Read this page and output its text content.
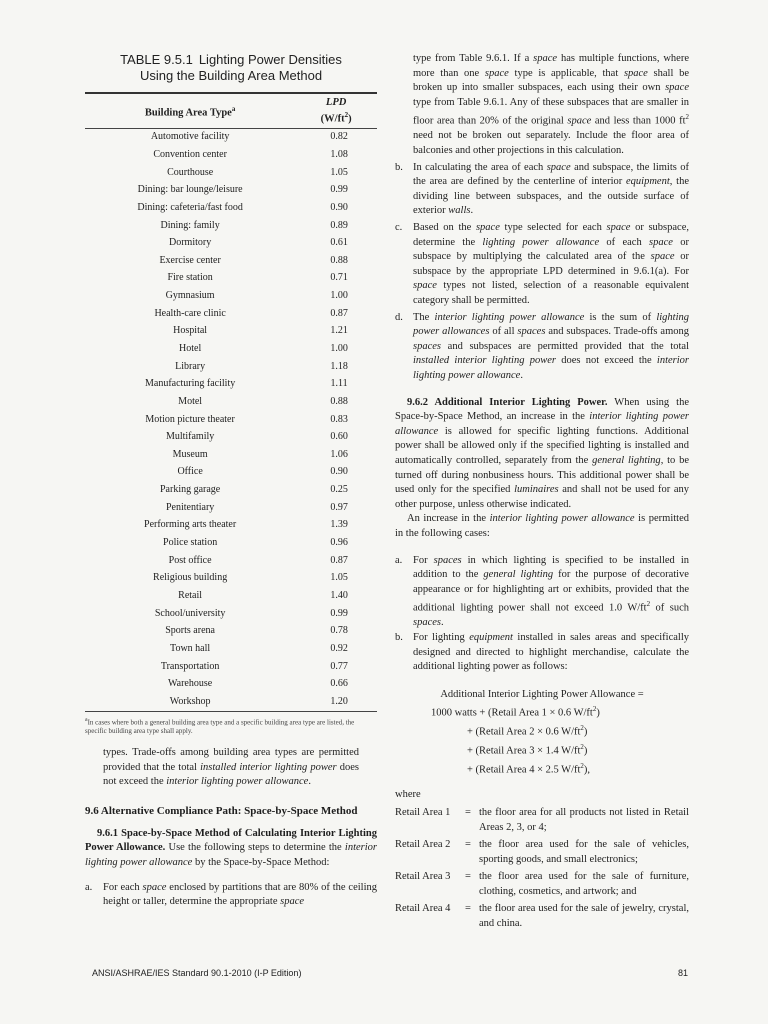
TABLE 9.5.1 Lighting Power Densities
Using the Building Area Method
Building Area Type$^a$	LPD
$(W/ft^2)$
Automotive facility	0.82
Convention center	1.08
Courthouse	1.05
Dining: bar lounge/leisure	0.99
Dining: cafeteria/fast food	0.90
Dining: family	0.89
Dormitory	0.61
Exercise center	0.88
Fire station	0.71
Gymnasium	1.00
Health-care clinic	0.87
Hospital	1.21
Hotel	1.00
Library	1.18
Manufacturing facility	1.11
Motel	0.88
Motion picture theater	0.83
Multifamily	0.60
Museum	1.06
Office	0.90
Parking garage	0.25
Penitentiary	0.97
Performing arts theater	1.39
Police station	0.96
Post office	0.87
Religious building	1.05
Retail	1.40
School/university	0.99
Sports arena	0.78
Town hall	0.92
Transportation	0.77
Warehouse	0.66
Workshop	1.20
$^a$In cases where both a general building area type and a specific building area type are listed, the specific building area type shall apply.

types. Trade-offs among building area types are permitted provided that the total installed interior lighting power does not exceed the interior lighting power allowance.

9.6 Alternative Compliance Path: Space-by-Space Method

9.6.1 Space-by-Space Method of Calculating Interior Lighting Power Allowance. Use the following steps to determine the interior lighting power allowance by the Space-by-Space Method:

a. For each space enclosed by partitions that are 80% of the ceiling height or taller, determine the appropriate space

type from Table 9.6.1. If a space has multiple functions, where more than one space type is applicable, that space shall be broken up into smaller subspaces, each using their own space type from Table 9.6.1. Any of these subspaces that are smaller in floor area than 20% of the original space and less than 1000 $ft^2$ need not be broken out separately. Include the floor area of balconies and other projections in this calculation.

b. In calculating the area of each space and subspace, the limits of the area are defined by the centerline of interior equipment, the dividing line between subspaces, and the outside surface of exterior walls.

c. Based on the space type selected for each space or subspace, determine the lighting power allowance of each space or subspace by multiplying the calculated area of the space or subspace by the appropriate LPD determined in 9.6.1(a). For space types not listed, selection of a reasonable equivalent category shall be permitted.

d. The interior lighting power allowance is the sum of lighting power allowances of all spaces and subspaces. Trade-offs among spaces and subspaces are permitted provided that the total installed interior lighting power does not exceed the interior lighting power allowance.

9.6.2 Additional Interior Lighting Power. When using the Space-by-Space Method, an increase in the interior lighting power allowance is allowed for specific lighting functions. Additional power shall be allowed only if the specified lighting is installed and automatically controlled, separately from the general lighting, to be turned off during nonbusiness hours. This additional power shall be used only for the specified luminaires and shall not be used for any other purpose, unless otherwise indicated.

An increase in the interior lighting power allowance is permitted in the following cases:

a. For spaces in which lighting is specified to be installed in addition to the general lighting for the purpose of decorative appearance or for highlighting art or exhibits, provided that the additional lighting power shall not exceed 1.0 $W/ft^2$ of such spaces.

b. For lighting equipment installed in sales areas and specifically designed and directed to highlight merchandise, calculate the additional lighting power as follows:

Additional Interior Lighting Power Allowance =
1000 watts + (Retail Area 1 × 0.6 $W/ft^2$)
+ (Retail Area 2 × 0.6 $W/ft^2$)
+ (Retail Area 3 × 1.4 $W/ft^2$)
+ (Retail Area 4 × 2.5 $W/ft^2$),
where
Retail Area 1	= the floor area for all products not listed in Retail Areas 2, 3, or 4;
Retail Area 2	= the floor area used for the sale of vehicles, sporting goods, and small electronics;
Retail Area 3	= the floor area used for the sale of furniture, clothing, cosmetics, and artwork; and
Retail Area 4	= the floor area used for the sale of jewelry, crystal, and china.
ANSI/ASHRAE/IES Standard 90.1-2010 (I-P Edition)	81
